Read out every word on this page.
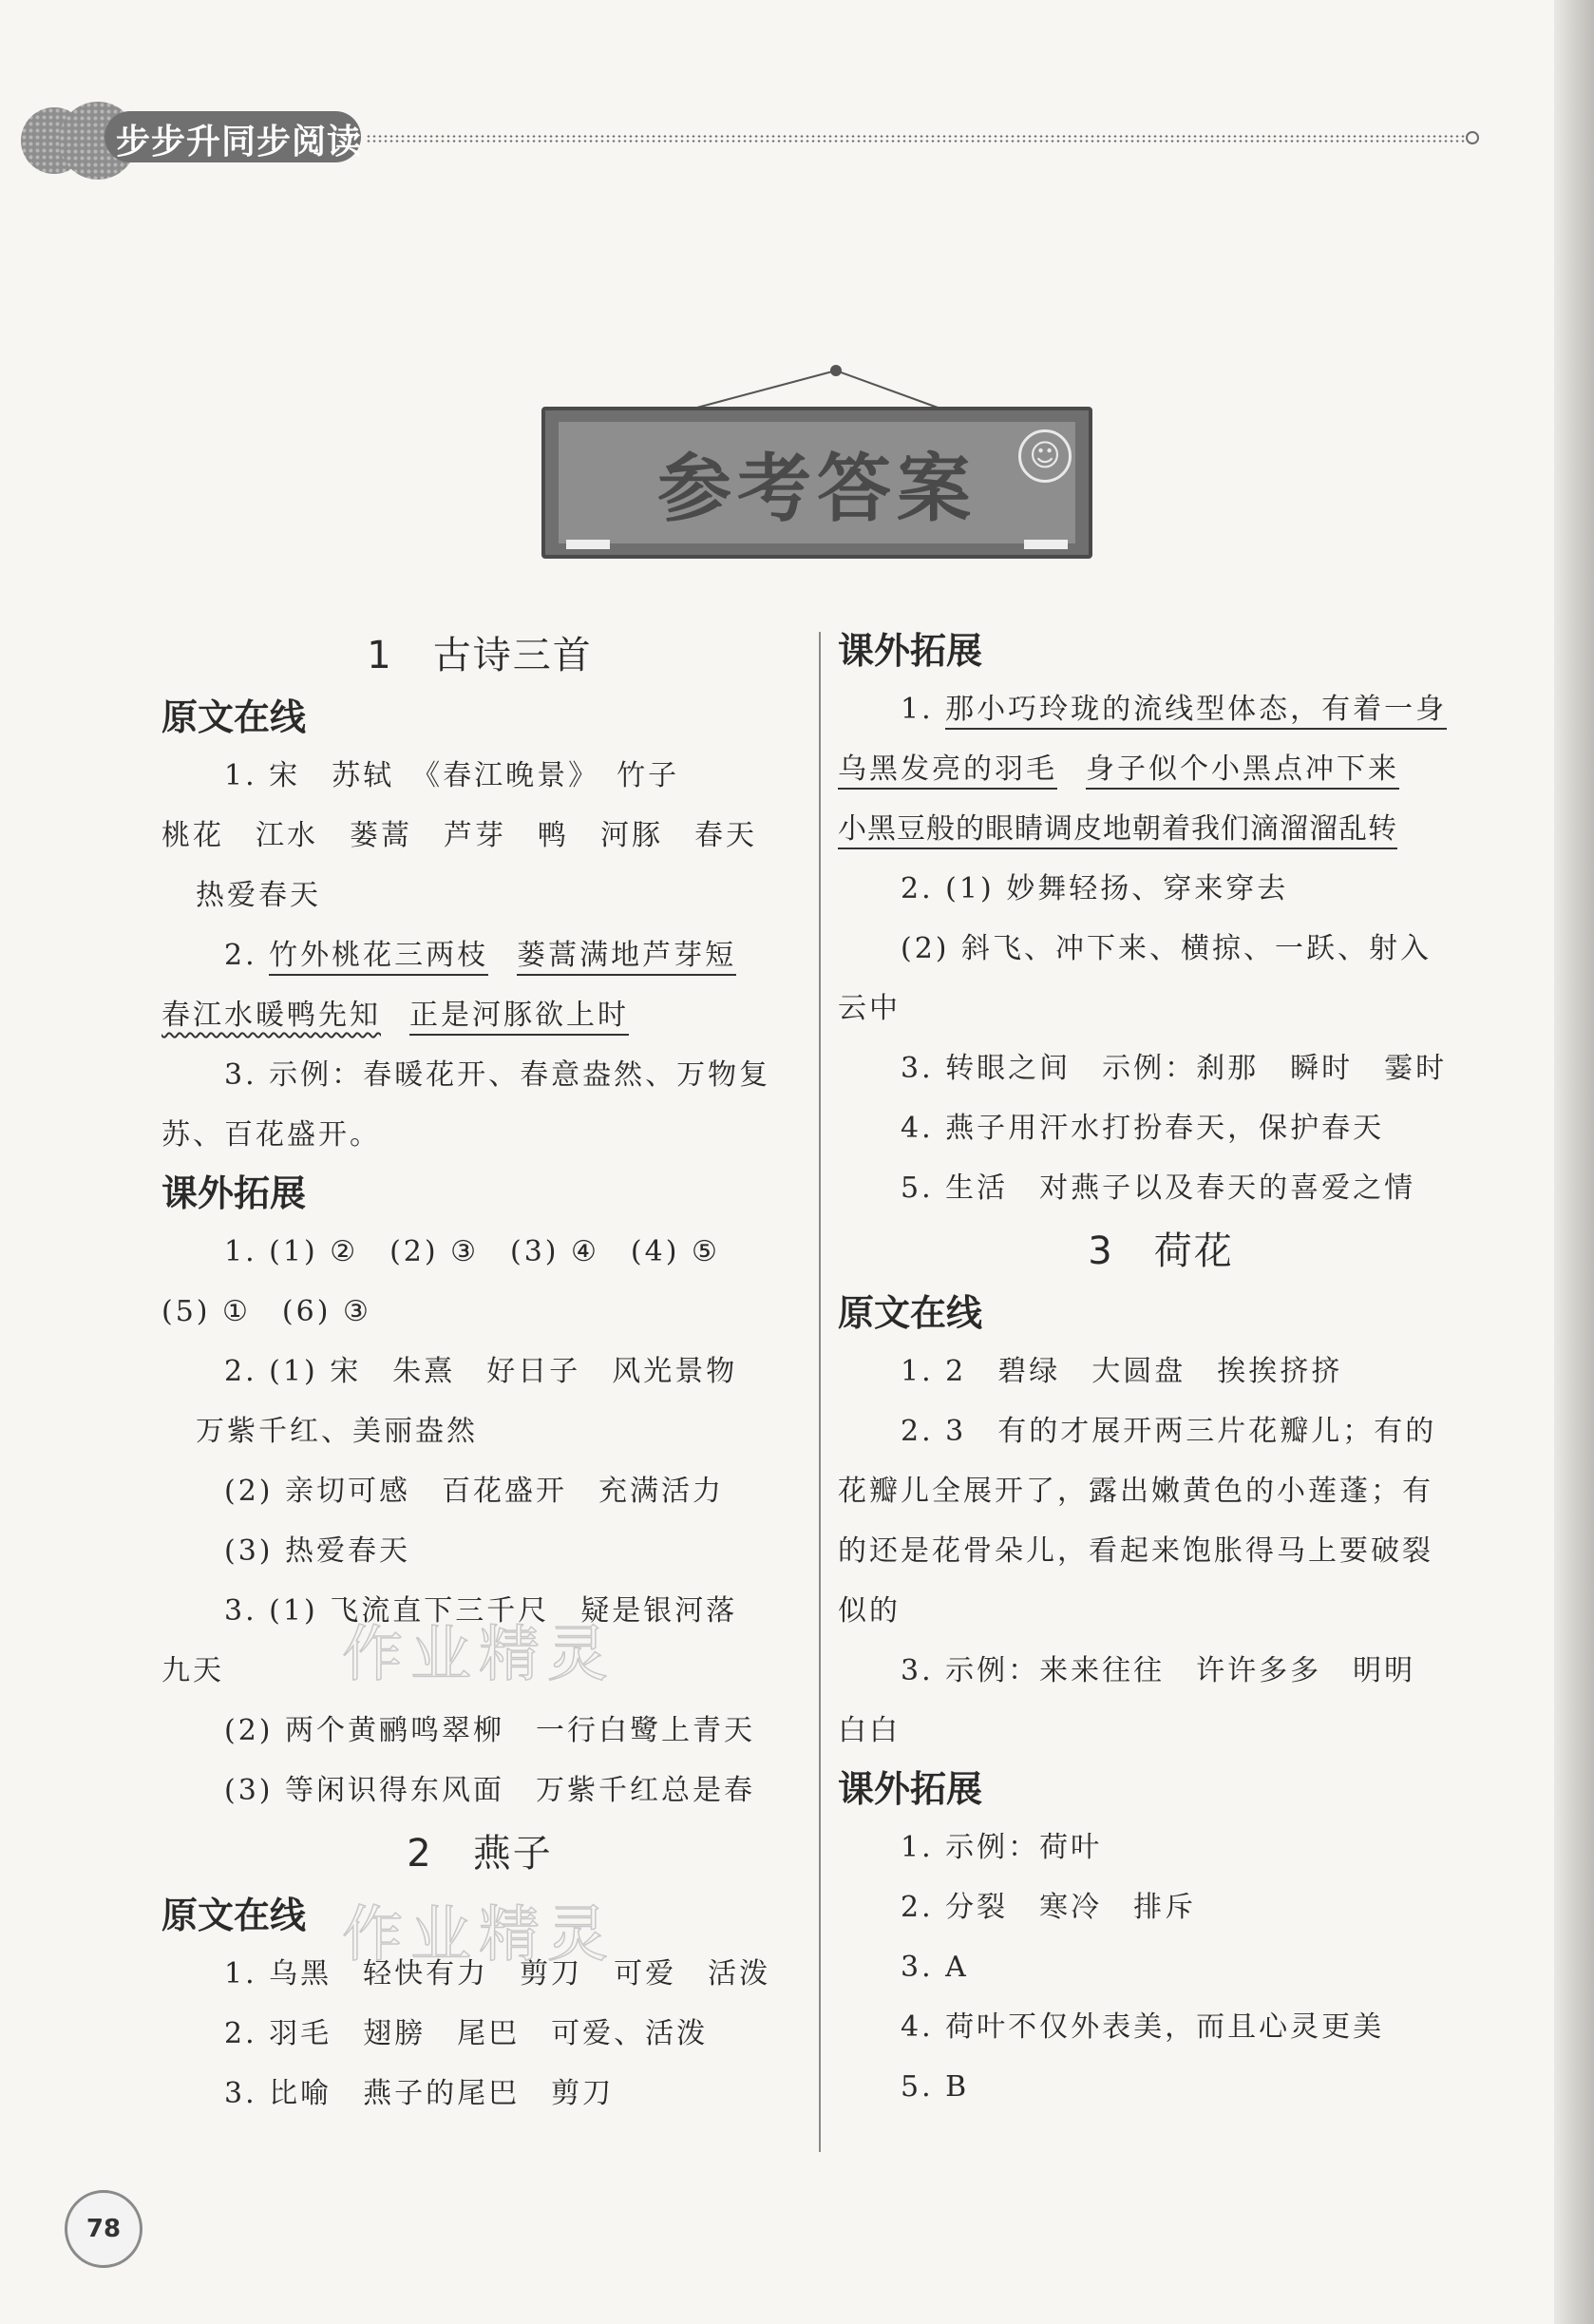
步步升同步阅读
参考答案	☺

1　古诗三首

原文在线

1. 宋　苏轼　《春江晚景》　竹子

桃花　江水　蒌蒿　芦芽　鸭　河豚　春天

热爱春天

2. 竹外桃花三两枝 蒌蒿满地芦芽短

春江水暖鸭先知 正是河豚欲上时

3. 示例：春暖花开、春意盎然、万物复

苏、百花盛开。

课外拓展

1. (1) ②　(2) ③　(3) ④　(4) ⑤

(5) ①　(6) ③

2. (1) 宋　朱熹　好日子　风光景物

万紫千红、美丽盎然

(2) 亲切可感　百花盛开　充满活力

(3) 热爱春天

3. (1) 飞流直下三千尺　疑是银河落

九天

(2) 两个黄鹂鸣翠柳　一行白鹭上青天

(3) 等闲识得东风面　万紫千红总是春

2　燕子

原文在线

1. 乌黑　轻快有力　剪刀　可爱　活泼

2. 羽毛　翅膀　尾巴　可爱、活泼

3. 比喻　燕子的尾巴　剪刀

课外拓展

1. 那小巧玲珑的流线型体态，有着一身

乌黑发亮的羽毛 身子似个小黑点冲下来

小黑豆般的眼睛调皮地朝着我们滴溜溜乱转

2. (1) 妙舞轻扬、穿来穿去

(2) 斜飞、冲下来、横掠、一跃、射入

云中

3. 转眼之间　示例：刹那　瞬时　霎时

4. 燕子用汗水打扮春天，保护春天

5. 生活　对燕子以及春天的喜爱之情

3　荷花

原文在线

1. 2　碧绿　大圆盘　挨挨挤挤

2. 3　有的才展开两三片花瓣儿；有的

花瓣儿全展开了，露出嫩黄色的小莲蓬；有

的还是花骨朵儿，看起来饱胀得马上要破裂

似的

3. 示例：来来往往　许许多多　明明

白白

课外拓展

1. 示例：荷叶

2. 分裂　寒冷　排斥

3. A

4. 荷叶不仅外表美，而且心灵更美

5. B

作业精灵
作业精灵
78
